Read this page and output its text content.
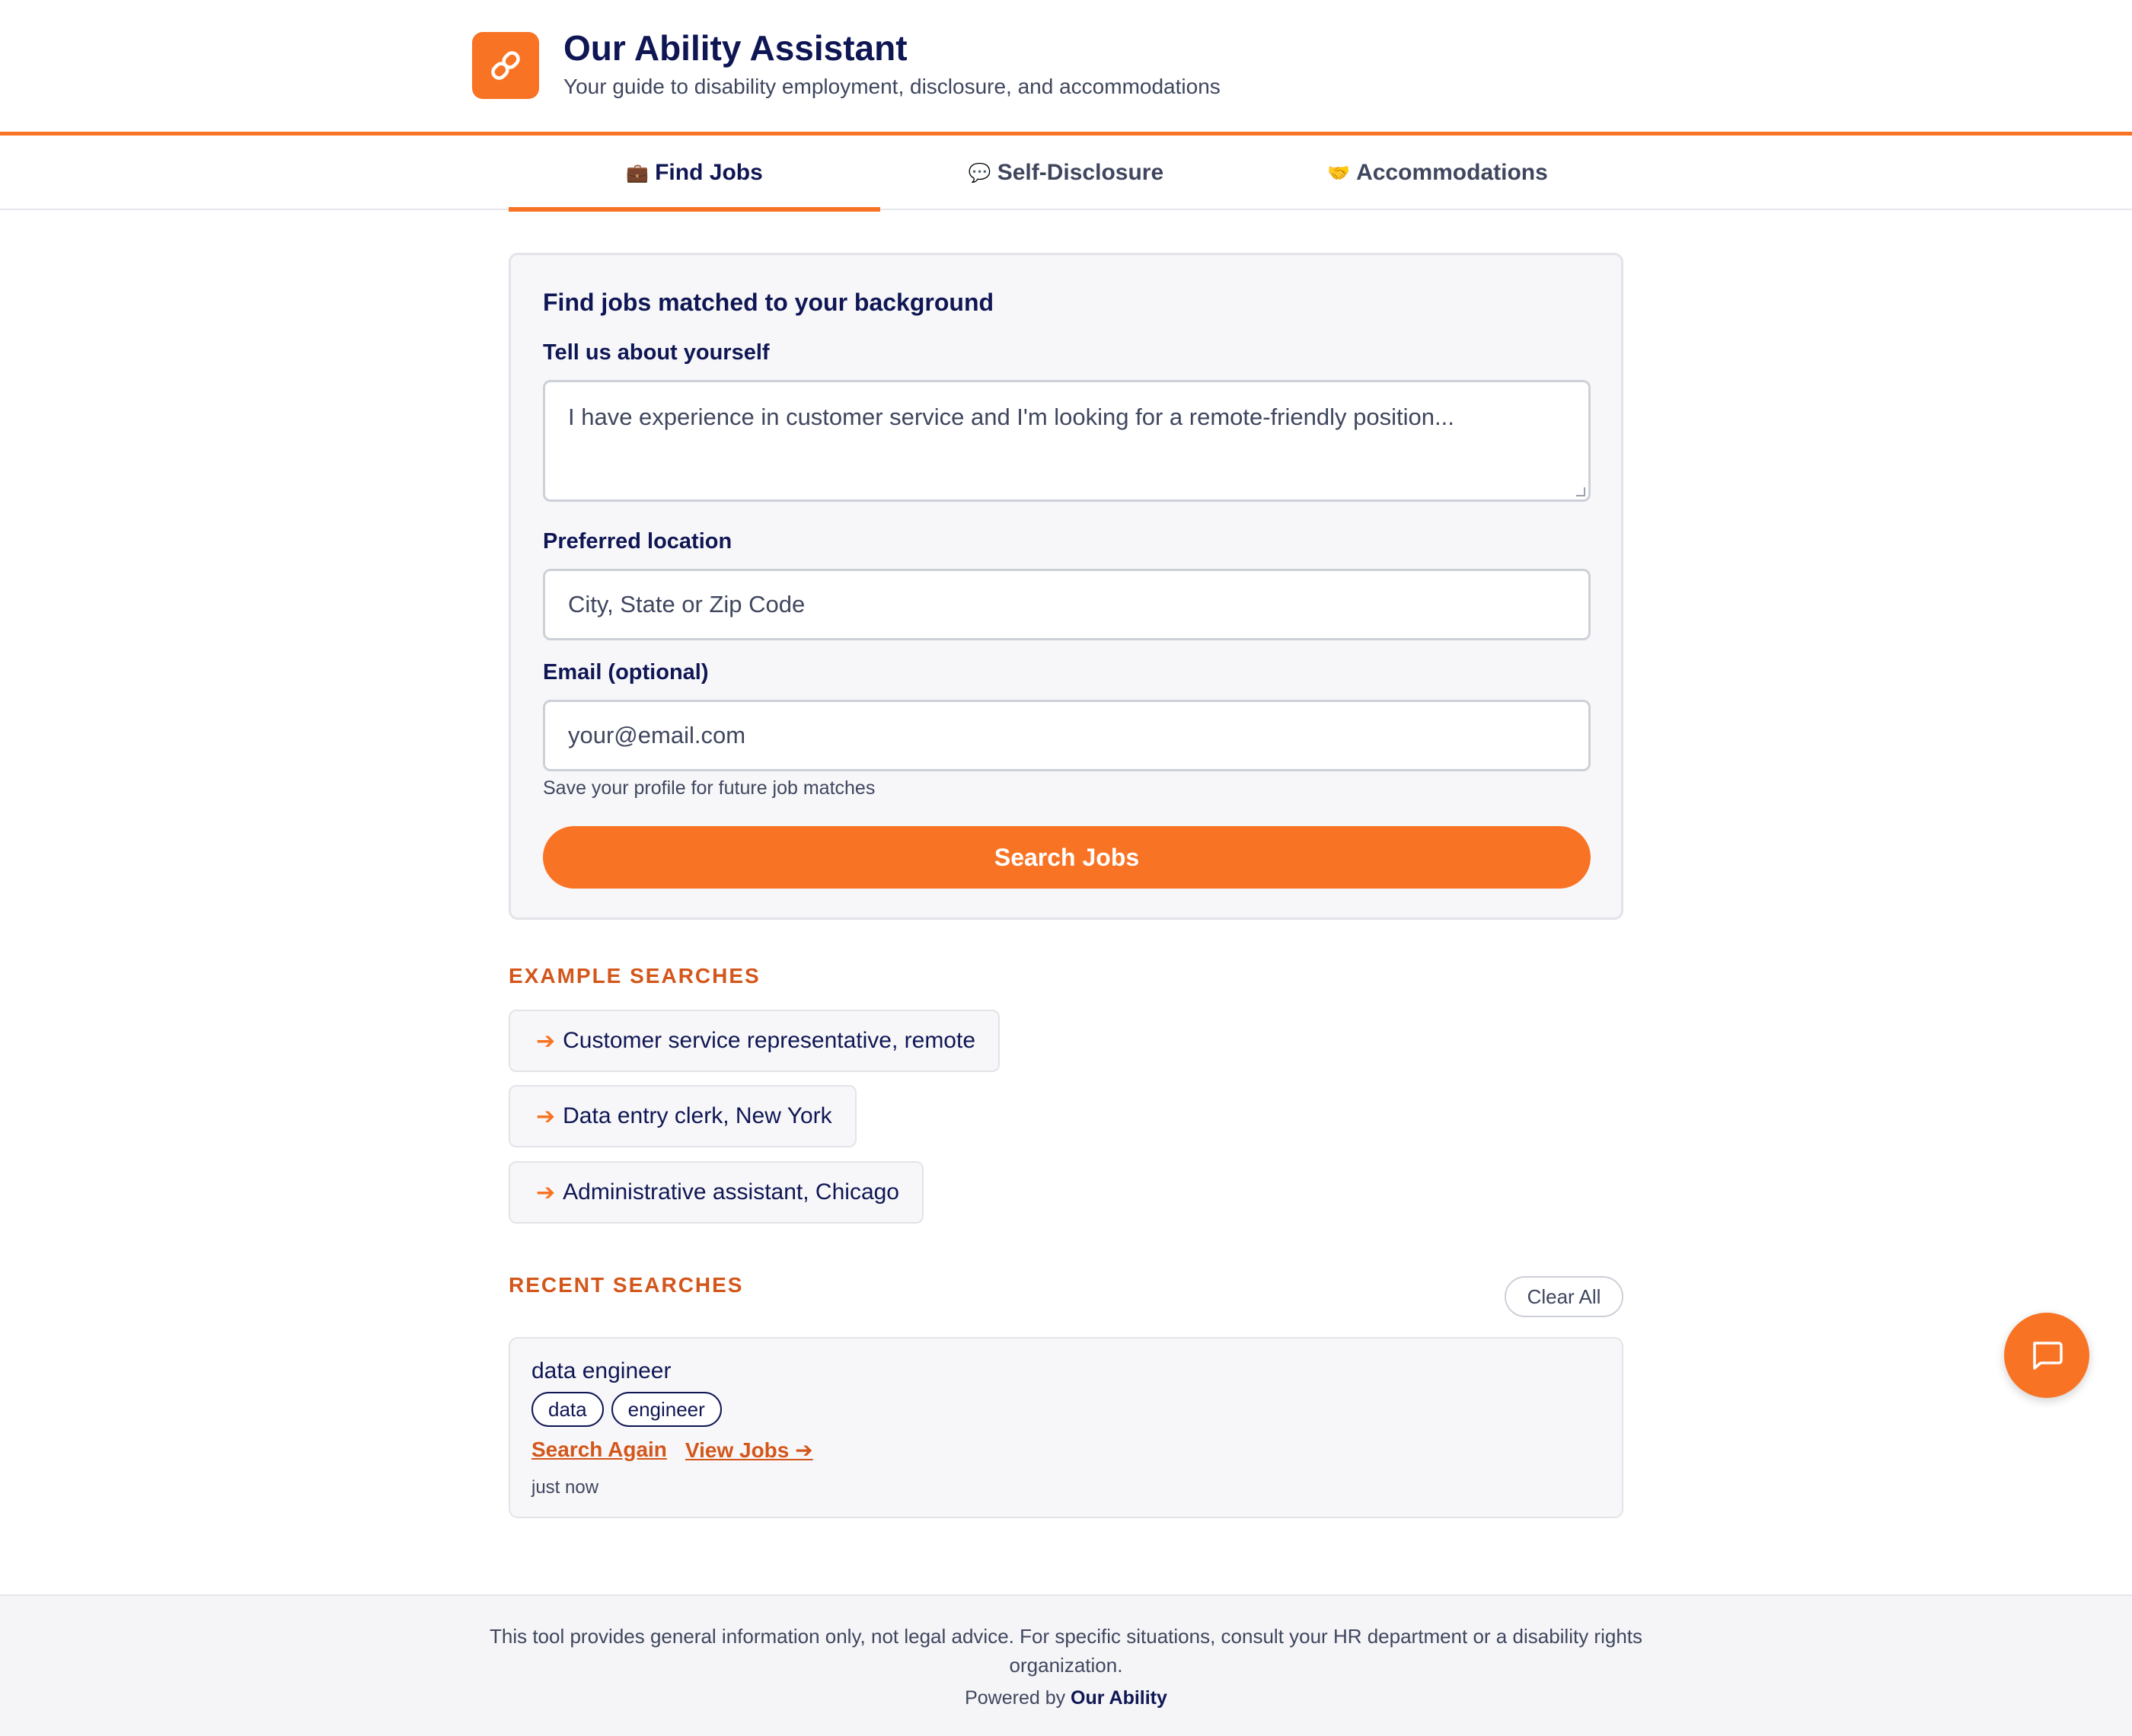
Our Ability Assistant
Your guide to disability employment, disclosure, and accommodations
💼 Find Jobs	💬 Self-Disclosure	🤝 Accommodations
Find jobs matched to your background
Tell us about yourself
I have experience in customer service and I'm looking for a remote-friendly position...
Preferred location
City, State or Zip Code
Email (optional)
your@email.com
Save your profile for future job matches
Search Jobs
EXAMPLE SEARCHES
➔ Customer service representative, remote
➔ Data entry clerk, New York
➔ Administrative assistant, Chicago
RECENT SEARCHES	Clear All
data engineer
data	engineer
Search Again View Jobs ➔
just now
This tool provides general information only, not legal advice. For specific situations, consult your HR department or a disability rights organization.
Powered by Our Ability
